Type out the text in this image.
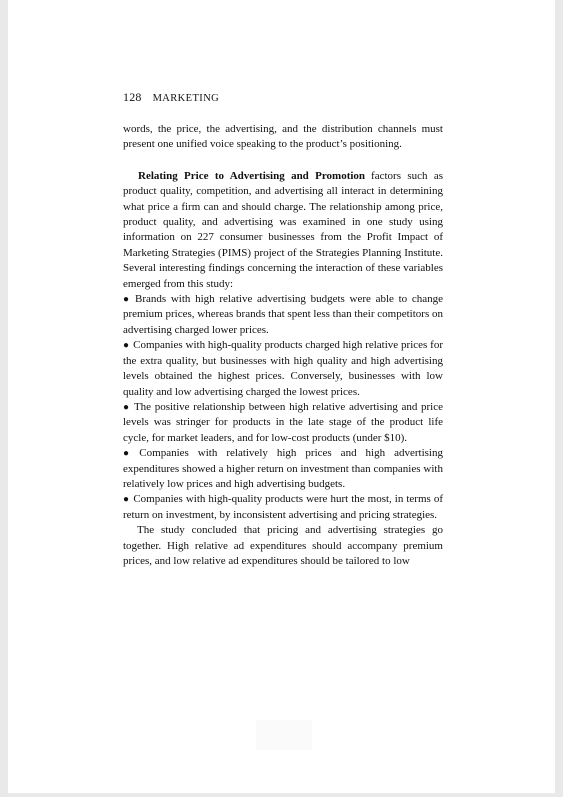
128 MARKETING

words, the price, the advertising, and the distribution channels must present one unified voice speaking to the product’s positioning.

Relating Price to Advertising and Promotion factors such as product quality, competition, and advertising all interact in determining what price a firm can and should charge. The relationship among price, product quality, and advertising was examined in one study using information on 227 consumer businesses from the Profit Impact of Marketing Strategies (PIMS) project of the Strategies Planning Institute. Several interesting findings concerning the interaction of these variables emerged from this study:

● Brands with high relative advertising budgets were able to change premium prices, whereas brands that spent less than their competitors on advertising charged lower prices.

● Companies with high-quality products charged high relative prices for the extra quality, but businesses with high quality and high advertising levels obtained the highest prices. Conversely, businesses with low quality and low advertising charged the lowest prices.

● The positive relationship between high relative advertising and price levels was stringer for products in the late stage of the product life cycle, for market leaders, and for low-cost products (under $10).

● Companies with relatively high prices and high advertising expenditures showed a higher return on investment than companies with relatively low prices and high advertising budgets.

● Companies with high-quality products were hurt the most, in terms of return on investment, by inconsistent advertising and pricing strategies.

The study concluded that pricing and advertising strategies go together. High relative ad expenditures should accompany premium prices, and low relative ad expenditures should be tailored to low
